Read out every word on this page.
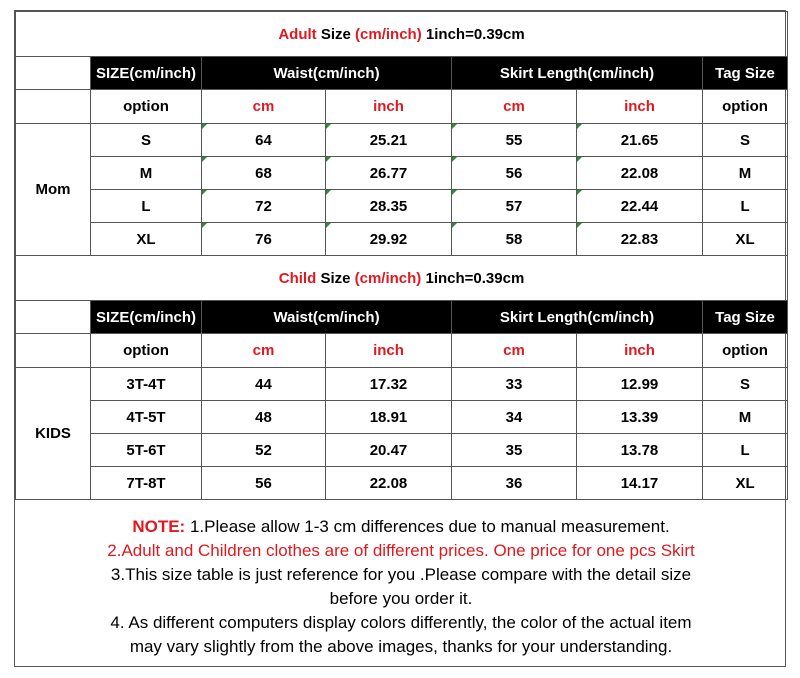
Adult Size (cm/inch) 1inch=0.39cm						
	SIZE(cm/inch)	Waist(cm/inch)		Skirt Length(cm/inch)		Tag Size
	option	cm	inch	cm	inch	option
Mom	S	64	25.21	55	21.65	S
	M	68	26.77	56	22.08	M
	L	72	28.35	57	22.44	L
	XL	76	29.92	58	22.83	XL
Child Size (cm/inch) 1inch=0.39cm						
	SIZE(cm/inch)	Waist(cm/inch)		Skirt Length(cm/inch)		Tag Size
	option	cm	inch	cm	inch	option
KIDS	3T-4T	44	17.32	33	12.99	S
	4T-5T	48	18.91	34	13.39	M
	5T-6T	52	20.47	35	13.78	L
	7T-8T	56	22.08	36	14.17	XL

NOTE: 1.Please allow 1-3 cm differences due to manual measurement.

2.Adult and Children clothes are of different prices. One price for one pcs Skirt

3.This size table is just reference for you .Please compare with the detail size

before you order it.

4. As different computers display colors differently, the color of the actual item

may vary slightly from the above images, thanks for your understanding.
